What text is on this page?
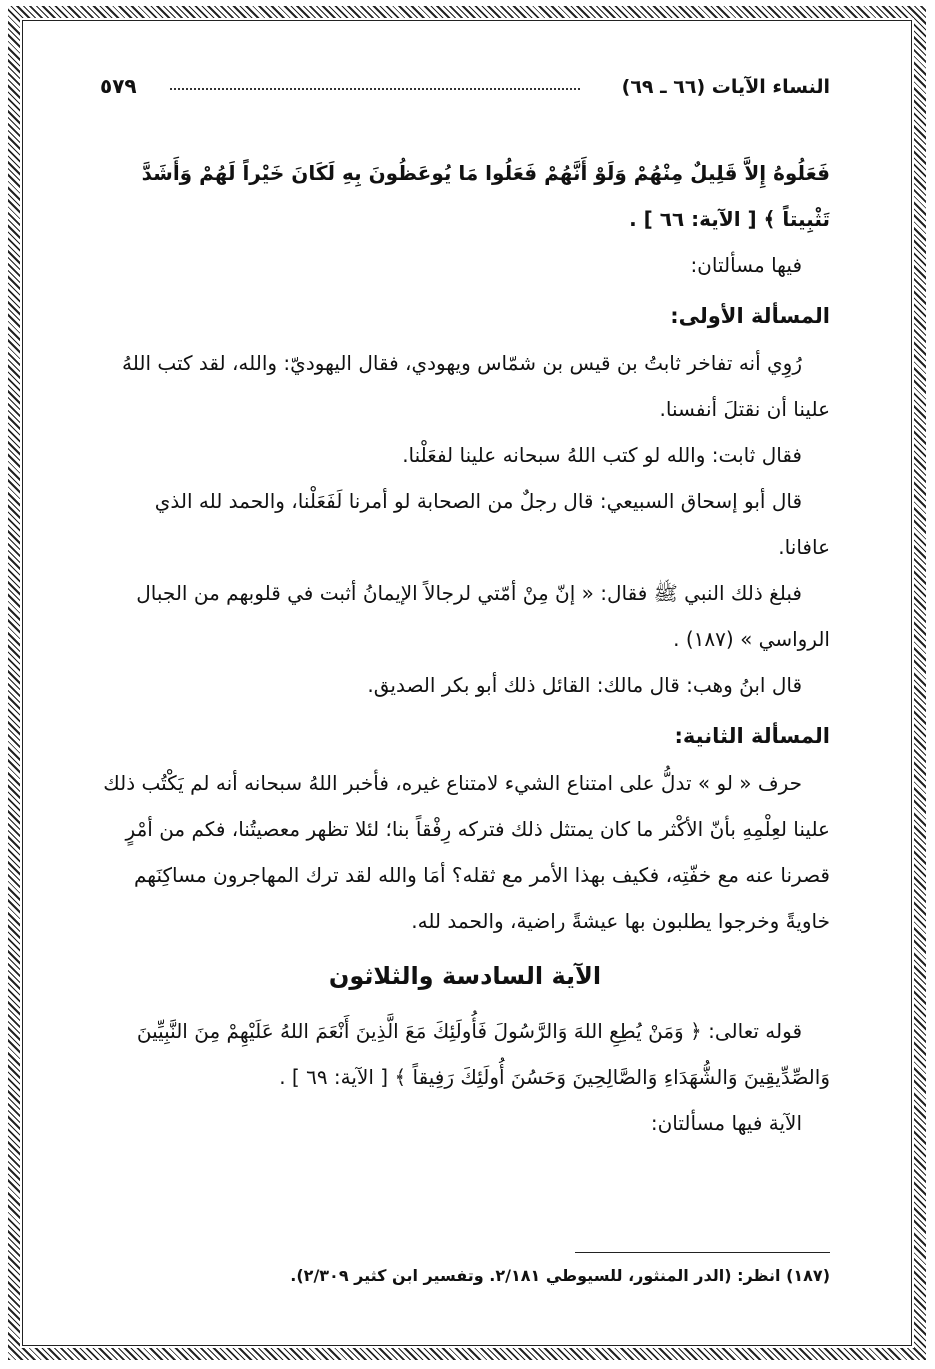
النساء الآيات (٦٦ ـ ٦٩)
٥٧٩

فَعَلُوهُ إِلاَّ قَلِيلٌ مِنْهُمْ وَلَوْ أَنَّهُمْ فَعَلُوا مَا يُوعَظُونَ بِهِ لَكَانَ خَيْراً لَهُمْ وَأَشَدَّ تَثْبِيتاً ﴾ [ الآية: ٦٦ ] .

فيها مسألتان:

المسألة الأولى:

رُوِي أنه تفاخر ثابتُ بن قيس بن شمّاس ويهودي، فقال اليهوديّ: والله، لقد كتب اللهُ علينا أن نقتلَ أنفسنا.

فقال ثابت: والله لو كتب اللهُ سبحانه علينا لفعَلْنا.

قال أبو إسحاق السبيعي: قال رجلٌ من الصحابة لو أمرنا لَفَعَلْنا، والحمد لله الذي عافانا.

فبلغ ذلك النبي ﷺ فقال: « إنّ مِنْ أمّتي لرجالاً الإيمانُ أثبت في قلوبهم من الجبال الرواسي » (١٨٧) .

قال ابنُ وهب: قال مالك: القائل ذلك أبو بكر الصديق.

المسألة الثانية:

حرف « لو » تدلُّ على امتناع الشيء لامتناع غيره، فأخبر اللهُ سبحانه أنه لم يَكْتُب ذلك علينا لعِلْمِهِ بأنّ الأكْثر ما كان يمتثل ذلك فتركه رِفْقاً بنا؛ لئلا تظهر معصيتُنا، فكم من أمْرٍ قصرنا عنه مع خفّتِه، فكيف بهذا الأمر مع ثقله؟ أمَا والله لقد ترك المهاجرون مساكِنَهم خاويةً وخرجوا يطلبون بها عيشةً راضية، والحمد لله.

الآية السادسة والثلاثون

قوله تعالى: ﴿ وَمَنْ يُطِعِ اللهَ وَالرَّسُولَ فَأُولَئِكَ مَعَ الَّذِينَ أَنْعَمَ اللهُ عَلَيْهِمْ مِنَ النَّبِيِّينَ وَالصِّدِّيقِينَ وَالشُّهَدَاءِ وَالصَّالِحِينَ وَحَسُنَ أُولَئِكَ رَفِيقاً ﴾ [ الآية: ٦٩ ] .

الآية فيها مسألتان:

(١٨٧) انظر: (الدر المنثور، للسيوطي ٢/١٨١. وتفسير ابن كثير ٢/٣٠٩).
